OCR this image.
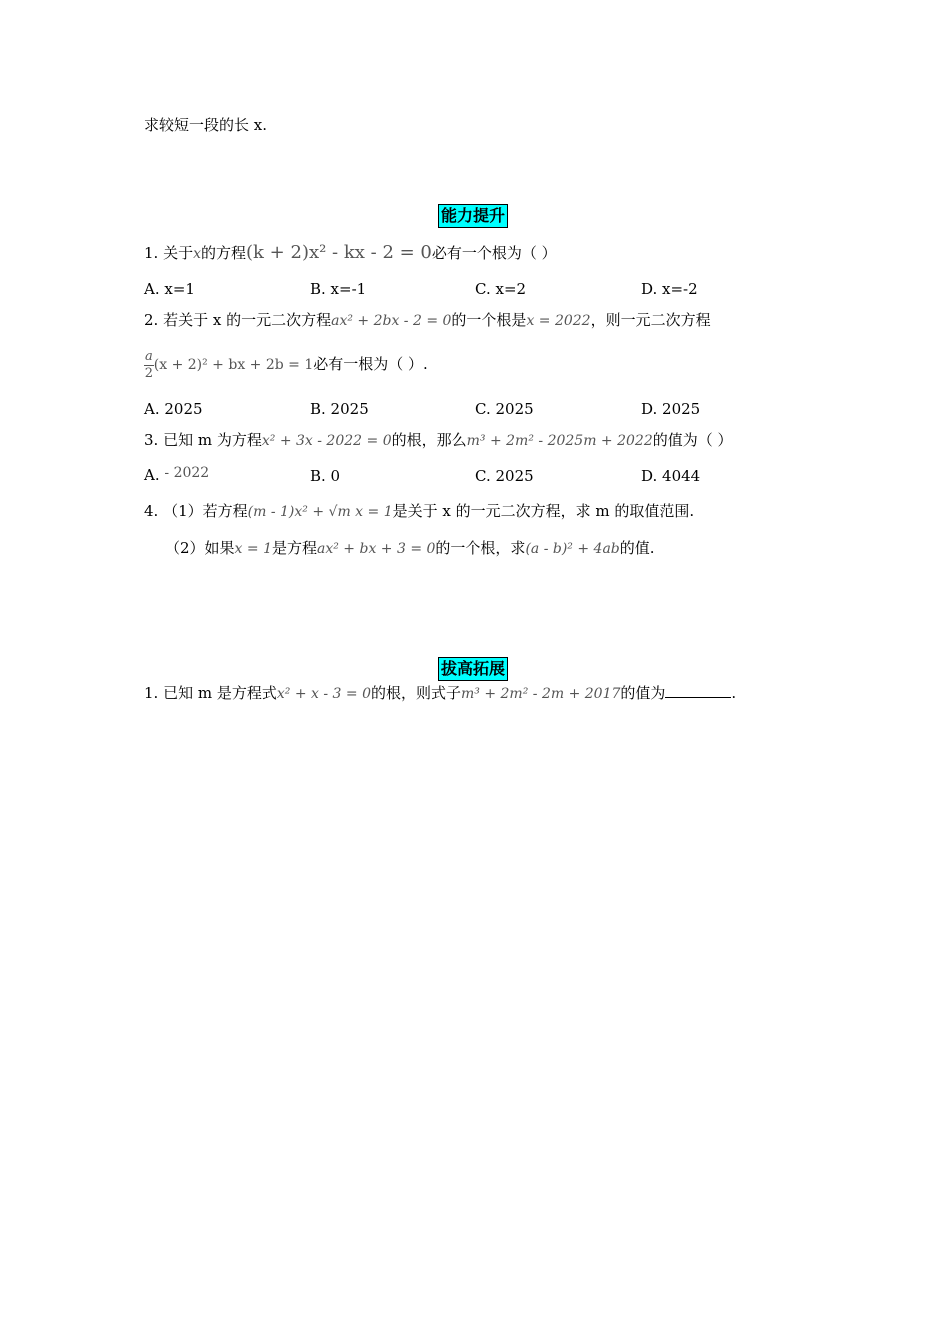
求较短一段的长 x.
能力提升
1. 关于x的方程(k + 2)x² - kx - 2 = 0必有一个根为（ ）
A. x=1	B. x=-1	C. x=2	D. x=-2
2. 若关于 x 的一元二次方程ax² + 2bx - 2 = 0的一个根是x = 2022，则一元二次方程
$\frac{a}{2} (x + 2)^2$ + bx + 2b = 1必有一根为（ ）.
A. 2025	B. 2025	C. 2025	D. 2025
3. 已知 m 为方程x² + 3x - 2022 = 0的根，那么m³ + 2m² - 2025m + 2022的值为（ ）
A. - 2022	B. 0	C. 2025	D. 4044
4. （1）若方程(m - 1)x² + √m x = 1是关于 x 的一元二次方程，求 m 的取值范围.
（2）如果x = 1是方程ax² + bx + 3 = 0的一个根，求(a - b)² + 4ab的值.
拔高拓展
1. 已知 m 是方程式x² + x - 3 = 0的根，则式子m³ + 2m² - 2m + 2017的值为	.
